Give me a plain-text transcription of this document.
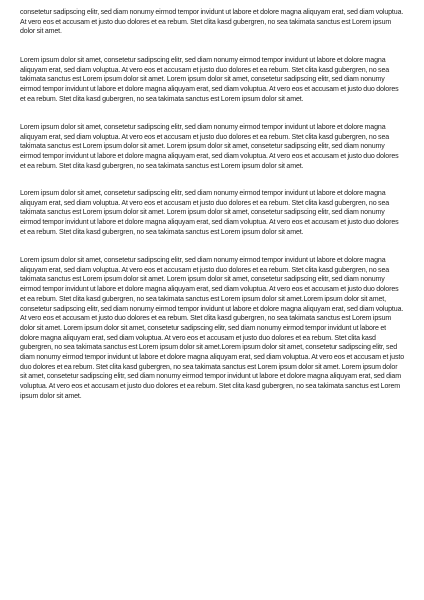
consetetur sadipscing elitr, sed diam nonumy eirmod tempor invidunt ut labore et dolore magna aliquyam erat, sed diam voluptua. At vero eos et accusam et justo duo dolores et ea rebum. Stet clita kasd gubergren, no sea takimata sanctus est Lorem ipsum dolor sit amet.

Lorem ipsum dolor sit amet, consetetur sadipscing elitr, sed diam nonumy eirmod tempor invidunt ut labore et dolore magna aliquyam erat, sed diam voluptua. At vero eos et accusam et justo duo dolores et ea rebum. Stet clita kasd gubergren, no sea takimata sanctus est Lorem ipsum dolor sit amet. Lorem ipsum dolor sit amet, consetetur sadipscing elitr, sed diam nonumy eirmod tempor invidunt ut labore et dolore magna aliquyam erat, sed diam voluptua. At vero eos et accusam et justo duo dolores et ea rebum. Stet clita kasd gubergren, no sea takimata sanctus est Lorem ipsum dolor sit amet.

Lorem ipsum dolor sit amet, consetetur sadipscing elitr, sed diam nonumy eirmod tempor invidunt ut labore et dolore magna aliquyam erat, sed diam voluptua. At vero eos et accusam et justo duo dolores et ea rebum. Stet clita kasd gubergren, no sea takimata sanctus est Lorem ipsum dolor sit amet. Lorem ipsum dolor sit amet, consetetur sadipscing elitr, sed diam nonumy eirmod tempor invidunt ut labore et dolore magna aliquyam erat, sed diam voluptua. At vero eos et accusam et justo duo dolores et ea rebum. Stet clita kasd gubergren, no sea takimata sanctus est Lorem ipsum dolor sit amet.

Lorem ipsum dolor sit amet, consetetur sadipscing elitr, sed diam nonumy eirmod tempor invidunt ut labore et dolore magna aliquyam erat, sed diam voluptua. At vero eos et accusam et justo duo dolores et ea rebum. Stet clita kasd gubergren, no sea takimata sanctus est Lorem ipsum dolor sit amet. Lorem ipsum dolor sit amet, consetetur sadipscing elitr, sed diam nonumy eirmod tempor invidunt ut labore et dolore magna aliquyam erat, sed diam voluptua. At vero eos et accusam et justo duo dolores et ea rebum. Stet clita kasd gubergren, no sea takimata sanctus est Lorem ipsum dolor sit amet.

Lorem ipsum dolor sit amet, consetetur sadipscing elitr, sed diam nonumy eirmod tempor invidunt ut labore et dolore magna aliquyam erat, sed diam voluptua. At vero eos et accusam et justo duo dolores et ea rebum. Stet clita kasd gubergren, no sea takimata sanctus est Lorem ipsum dolor sit amet. Lorem ipsum dolor sit amet, consetetur sadipscing elitr, sed diam nonumy eirmod tempor invidunt ut labore et dolore magna aliquyam erat, sed diam voluptua. At vero eos et accusam et justo duo dolores et ea rebum. Stet clita kasd gubergren, no sea takimata sanctus est Lorem ipsum dolor sit amet.Lorem ipsum dolor sit amet, consetetur sadipscing elitr, sed diam nonumy eirmod tempor invidunt ut labore et dolore magna aliquyam erat, sed diam voluptua. At vero eos et accusam et justo duo dolores et ea rebum. Stet clita kasd gubergren, no sea takimata sanctus est Lorem ipsum dolor sit amet. Lorem ipsum dolor sit amet, consetetur sadipscing elitr, sed diam nonumy eirmod tempor invidunt ut labore et dolore magna aliquyam erat, sed diam voluptua. At vero eos et accusam et justo duo dolores et ea rebum. Stet clita kasd gubergren, no sea takimata sanctus est Lorem ipsum dolor sit amet.Lorem ipsum dolor sit amet, consetetur sadipscing elitr, sed diam nonumy eirmod tempor invidunt ut labore et dolore magna aliquyam erat, sed diam voluptua. At vero eos et accusam et justo duo dolores et ea rebum. Stet clita kasd gubergren, no sea takimata sanctus est Lorem ipsum dolor sit amet. Lorem ipsum dolor sit amet, consetetur sadipscing elitr, sed diam nonumy eirmod tempor invidunt ut labore et dolore magna aliquyam erat, sed diam voluptua. At vero eos et accusam et justo duo dolores et ea rebum. Stet clita kasd gubergren, no sea takimata sanctus est Lorem ipsum dolor sit amet.
